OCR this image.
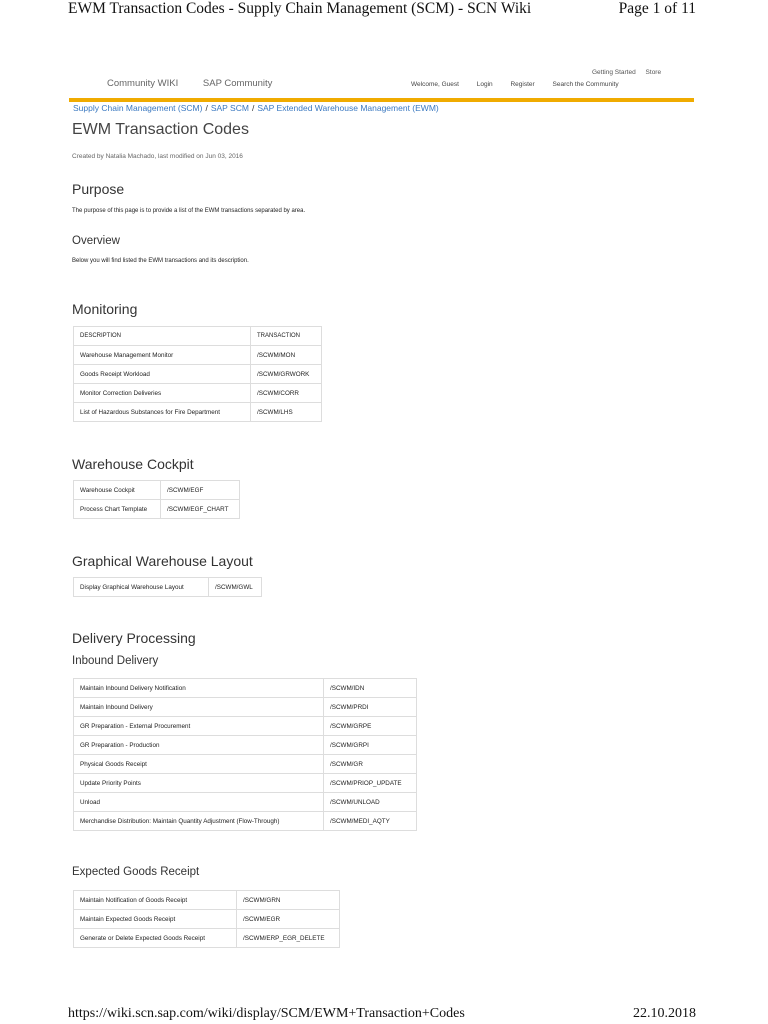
EWM Transaction Codes - Supply Chain Management (SCM) - SCN Wiki	Page 1 of 11
Community WIKI	SAP Community
Getting Started Store
Welcome, Guest	Login	Register	Search the Community
Supply Chain Management (SCM) / SAP SCM / SAP Extended Warehouse Management (EWM)
EWM Transaction Codes
Created by Natalia Machado, last modified on Jun 03, 2016
Purpose
The purpose of this page is to provide a list of the EWM transactions separated by area.
Overview
Below you will find listed the EWM transactions and its description.
Monitoring
DESCRIPTION	TRANSACTION
Warehouse Management Monitor	/SCWM/MON
Goods Receipt Workload	/SCWM/GRWORK
Monitor Correction Deliveries	/SCWM/CORR
List of Hazardous Substances for Fire Department	/SCWM/LHS
Warehouse Cockpit
Warehouse Cockpit	/SCWM/EGF
Process Chart Template	/SCWM/EGF_CHART
Graphical Warehouse Layout
Display Graphical Warehouse Layout	/SCWM/GWL
Delivery Processing
Inbound Delivery
Maintain Inbound Delivery Notification	/SCWM/IDN
Maintain Inbound Delivery	/SCWM/PRDI
GR Preparation - External Procurement	/SCWM/GRPE
GR Preparation - Production	/SCWM/GRPI
Physical Goods Receipt	/SCWM/GR
Update Priority Points	/SCWM/PRIOP_UPDATE
Unload	/SCWM/UNLOAD
Merchandise Distribution: Maintain Quantity Adjustment (Flow-Through)	/SCWM/MEDI_AQTY
Expected Goods Receipt
Maintain Notification of Goods Receipt	/SCWM/GRN
Maintain Expected Goods Receipt	/SCWM/EGR
Generate or Delete Expected Goods Receipt	/SCWM/ERP_EGR_DELETE
https://wiki.scn.sap.com/wiki/display/SCM/EWM+Transaction+Codes	22.10.2018
